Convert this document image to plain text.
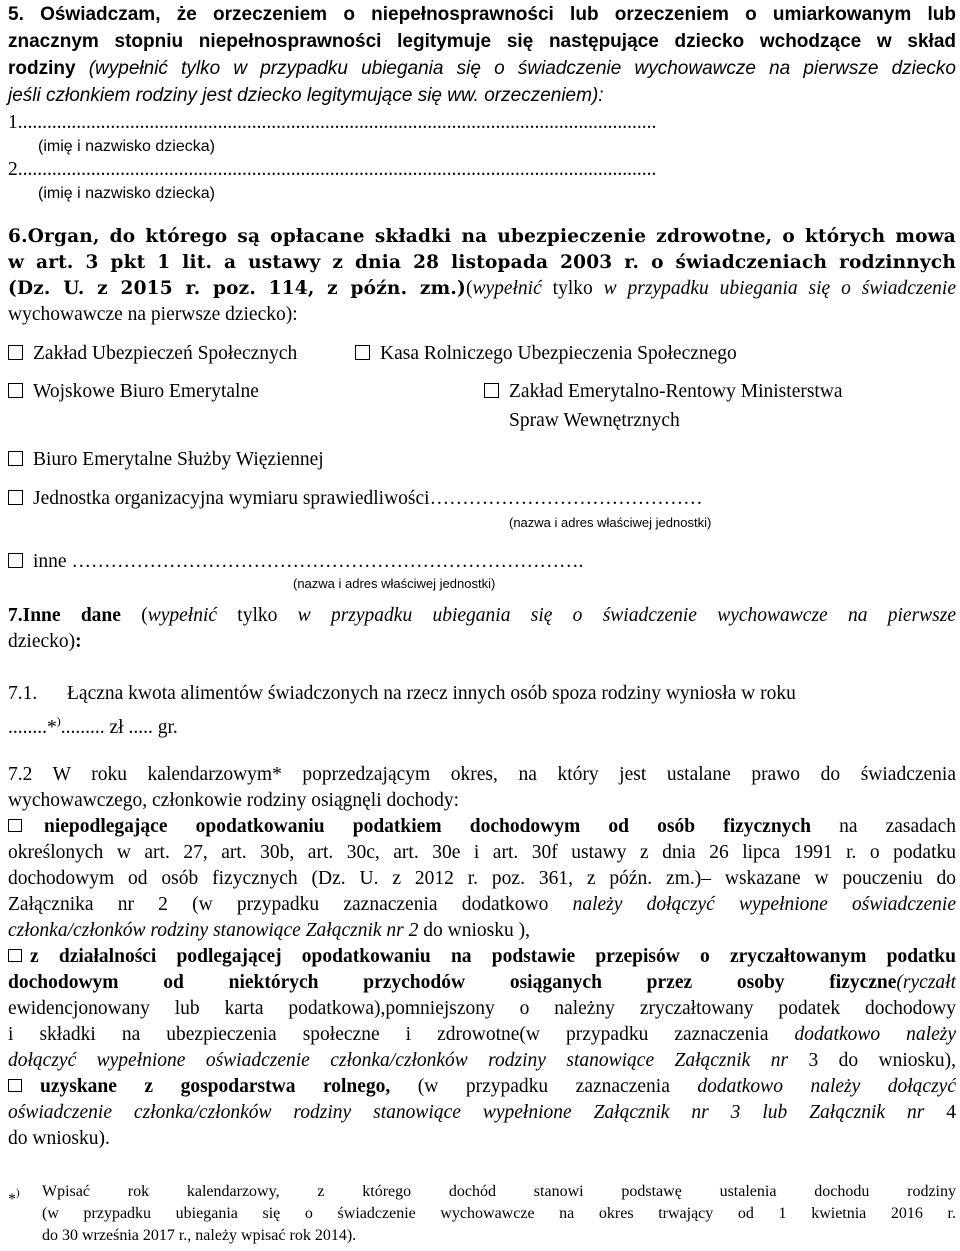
5. Oświadczam, że orzeczeniem o niepełnosprawności lub orzeczeniem o umiarkowanym lub
znacznym stopniu niepełnosprawności legitymuje się następujące dziecko wchodzące w skład
rodziny (wypełnić tylko w przypadku ubiegania się o świadczenie wychowawcze na pierwsze dziecko
jeśli członkiem rodziny jest dziecko legitymujące się ww. orzeczeniem):
1...................................................................................................................................
(imię i nazwisko dziecka)
2...................................................................................................................................
(imię i nazwisko dziecka)
6.Organ, do którego są opłacane składki na ubezpieczenie zdrowotne, o których mowa
w art. 3 pkt 1 lit. a ustawy z dnia 28 listopada 2003 r. o świadczeniach rodzinnych
(Dz. U. z 2015 r. poz. 114, z późn. zm.)(wypełnić tylko w przypadku ubiegania się o świadczenie
wychowawcze na pierwsze dziecko):
Zakład Ubezpieczeń Społecznych	Kasa Rolniczego Ubezpieczenia Społecznego
Wojskowe Biuro Emerytalne	Zakład Emerytalno-Rentowy Ministerstwa
Spraw Wewnętrznych
Biuro Emerytalne Służby Więziennej
Jednostka organizacyjna wymiaru sprawiedliwości……………………………………
(nazwa i adres właściwej jednostki)
inne …………………………………………………………………….
(nazwa i adres właściwej jednostki)
7.Inne dane (wypełnić tylko w przypadku ubiegania się o świadczenie wychowawcze na pierwsze
dziecko):
7.1. Łączna kwota alimentów świadczonych na rzecz innych osób spoza rodziny wyniosła w roku
........*)......... zł ..... gr.
7.2 W roku kalendarzowym* poprzedzającym okres, na który jest ustalane prawo do świadczenia
wychowawczego, członkowie rodziny osiągnęli dochody:
niepodlegające opodatkowaniu podatkiem dochodowym od osób fizycznych na zasadach
określonych w art. 27, art. 30b, art. 30c, art. 30e i art. 30f ustawy z dnia 26 lipca 1991 r. o podatku
dochodowym od osób fizycznych (Dz. U. z 2012 r. poz. 361, z późn. zm.)– wskazane w pouczeniu do
Załącznika nr 2 (w przypadku zaznaczenia dodatkowo należy dołączyć wypełnione oświadczenie
członka/członków rodziny stanowiące Załącznik nr 2 do wniosku ),
z działalności podlegającej opodatkowaniu na podstawie przepisów o zryczałtowanym podatku
dochodowym od niektórych przychodów osiąganych przez osoby fizyczne(ryczałt
ewidencjonowany lub karta podatkowa),pomniejszony o należny zryczałtowany podatek dochodowy
i składki na ubezpieczenia społeczne i zdrowotne(w przypadku zaznaczenia dodatkowo należy
dołączyć wypełnione oświadczenie członka/członków rodziny stanowiące Załącznik nr 3 do wniosku),
uzyskane z gospodarstwa rolnego, (w przypadku zaznaczenia dodatkowo należy dołączyć
oświadczenie członka/członków rodziny stanowiące wypełnione Załącznik nr 3 lub Załącznik nr 4
do wniosku).
*)	Wpisać rok kalendarzowy, z którego dochód stanowi podstawę ustalenia dochodu rodziny
(w przypadku ubiegania się o świadczenie wychowawcze na okres trwający od 1 kwietnia 2016 r.
do 30 września 2017 r., należy wpisać rok 2014).
